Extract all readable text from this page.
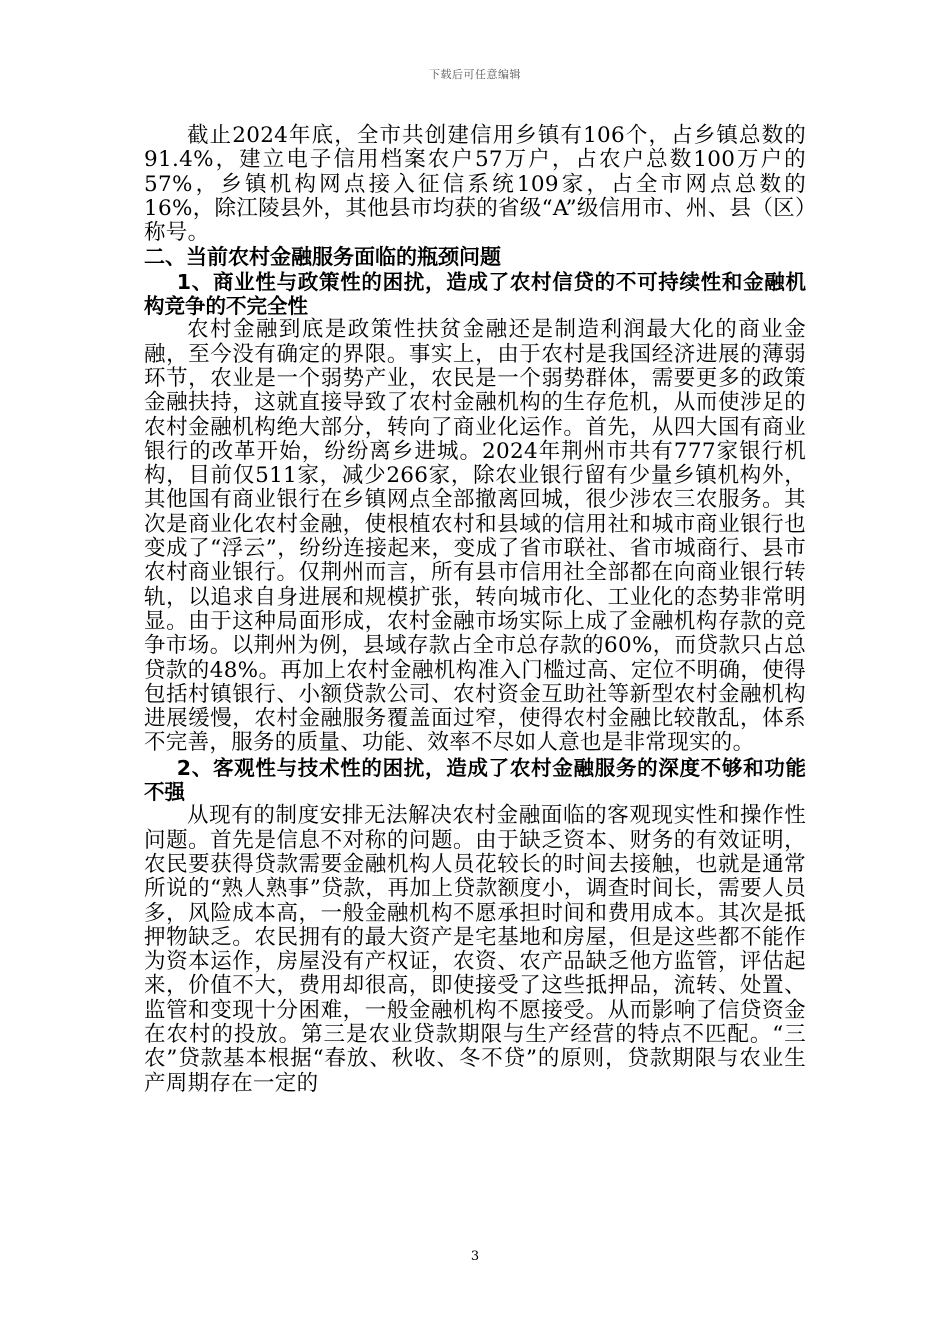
下载后可任意编辑

截止2024年底，全市共创建信用乡镇有106个，占乡镇总数的91.4%，建立电子信用档案农户57万户，占农户总数100万户的57%，乡镇机构网点接入征信系统109家，占全市网点总数的16%，除江陵县外，其他县市均获的省级“A”级信用市、州、县（区）称号。

二、当前农村金融服务面临的瓶颈问题

1、商业性与政策性的困扰，造成了农村信贷的不可持续性和金融机构竞争的不完全性

农村金融到底是政策性扶贫金融还是制造利润最大化的商业金融，至今没有确定的界限。事实上，由于农村是我国经济进展的薄弱环节，农业是一个弱势产业，农民是一个弱势群体，需要更多的政策金融扶持，这就直接导致了农村金融机构的生存危机，从而使涉足的农村金融机构绝大部分，转向了商业化运作。首先，从四大国有商业银行的改革开始，纷纷离乡进城。2024年荆州市共有777家银行机构，目前仅511家，减少266家，除农业银行留有少量乡镇机构外，其他国有商业银行在乡镇网点全部撤离回城，很少涉农三农服务。其次是商业化农村金融，使根植农村和县域的信用社和城市商业银行也变成了“浮云”，纷纷连接起来，变成了省市联社、省市城商行、县市农村商业银行。仅荆州而言，所有县市信用社全部都在向商业银行转轨，以追求自身进展和规模扩张，转向城市化、工业化的态势非常明显。由于这种局面形成，农村金融市场实际上成了金融机构存款的竞争市场。以荆州为例，县域存款占全市总存款的60%，而贷款只占总贷款的48%。再加上农村金融机构准入门槛过高、定位不明确，使得包括村镇银行、小额贷款公司、农村资金互助社等新型农村金融机构进展缓慢，农村金融服务覆盖面过窄，使得农村金融比较散乱，体系不完善，服务的质量、功能、效率不尽如人意也是非常现实的。

2、客观性与技术性的困扰，造成了农村金融服务的深度不够和功能不强

从现有的制度安排无法解决农村金融面临的客观现实性和操作性问题。首先是信息不对称的问题。由于缺乏资本、财务的有效证明，农民要获得贷款需要金融机构人员花较长的时间去接触，也就是通常所说的“熟人熟事”贷款，再加上贷款额度小，调查时间长，需要人员多，风险成本高，一般金融机构不愿承担时间和费用成本。其次是抵押物缺乏。农民拥有的最大资产是宅基地和房屋，但是这些都不能作为资本运作，房屋没有产权证，农资、农产品缺乏他方监管，评估起来，价值不大，费用却很高，即使接受了这些抵押品，流转、处置、监管和变现十分困难，一般金融机构不愿接受。从而影响了信贷资金在农村的投放。第三是农业贷款期限与生产经营的特点不匹配。“三农”贷款基本根据“春放、秋收、冬不贷”的原则，贷款期限与农业生产周期存在一定的

3
